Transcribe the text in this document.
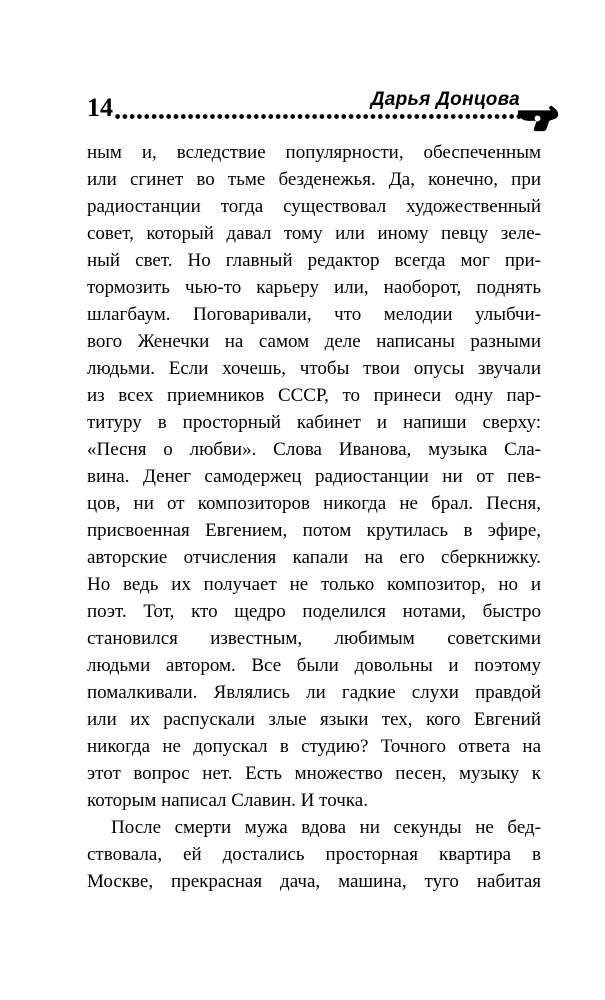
14	Дарья Донцова
ным и, вследствие популярности, обеспеченным
или сгинет во тьме безденежья. Да, конечно, при
радиостанции тогда существовал художественный
совет, который давал тому или иному певцу зеле-
ный свет. Но главный редактор всегда мог при-
тормозить чью-то карьеру или, наоборот, поднять
шлагбаум. Поговаривали, что мелодии улыбчи-
вого Женечки на самом деле написаны разными
людьми. Если хочешь, чтобы твои опусы звучали
из всех приемников СССР, то принеси одну пар-
титуру в просторный кабинет и напиши сверху:
«Песня о любви». Слова Иванова, музыка Сла-
вина. Денег самодержец радиостанции ни от пев-
цов, ни от композиторов никогда не брал. Песня,
присвоенная Евгением, потом крутилась в эфире,
авторские отчисления капали на его сберкнижку.
Но ведь их получает не только композитор, но и
поэт. Тот, кто щедро поделился нотами, быстро
становился известным, любимым советскими
людьми автором. Все были довольны и поэтому
помалкивали. Являлись ли гадкие слухи правдой
или их распускали злые языки тех, кого Евгений
никогда не допускал в студию? Точного ответа на
этот вопрос нет. Есть множество песен, музыку к
которым написал Славин. И точка.
После смерти мужа вдова ни секунды не бед-
ствовала, ей достались просторная квартира в
Москве, прекрасная дача, машина, туго набитая
